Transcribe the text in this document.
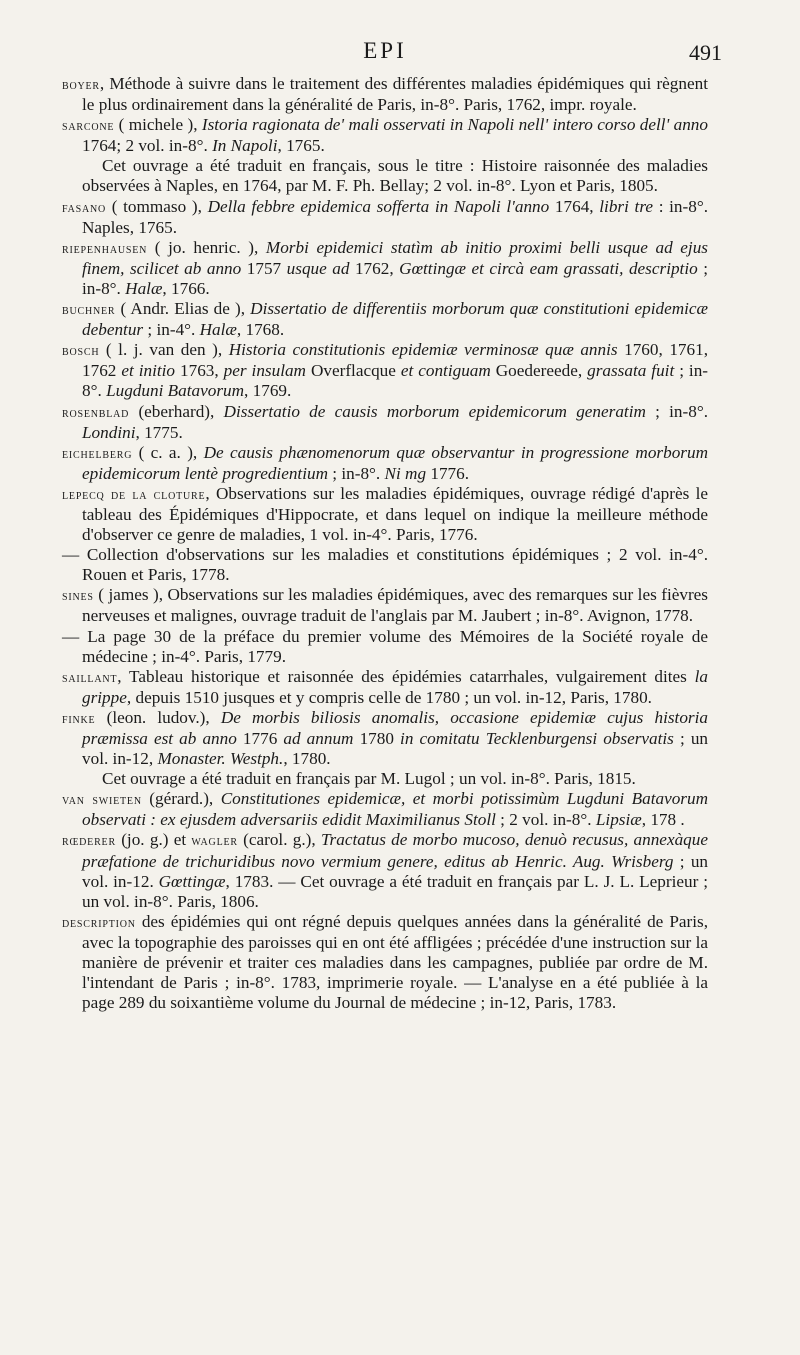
EPI	491

boyer, Méthode à suivre dans le traitement des différentes maladies épidémiques qui règnent le plus ordinairement dans la généralité de Paris, in-8°. Paris, 1762, impr. royale.

sarcone ( michele ), Istoria ragionata de' mali osservati in Napoli nell' intero corso dell' anno 1764; 2 vol. in-8°. In Napoli, 1765.

Cet ouvrage a été traduit en français, sous le titre : Histoire raisonnée des maladies observées à Naples, en 1764, par M. F. Ph. Bellay; 2 vol. in-8°. Lyon et Paris, 1805.

fasano ( tommaso ), Della febbre epidemica sofferta in Napoli l'anno 1764, libri tre : in-8°. Naples, 1765.

riepenhausen ( jo. henric. ), Morbi epidemici statìm ab initio proximi belli usque ad ejus finem, scilicet ab anno 1757 usque ad 1762, Gœttingæ et circà eam grassati, descriptio ; in-8°. Halæ, 1766.

buchner ( Andr. Elias de ), Dissertatio de differentiis morborum quæ constitutioni epidemicæ debentur ; in-4°. Halæ, 1768.

bosch ( l. j. van den ), Historia constitutionis epidemiæ verminosæ quæ annis 1760, 1761, 1762 et initio 1763, per insulam Overflacque et contiguam Goedereede, grassata fuit ; in-8°. Lugduni Batavorum, 1769.

rosenblad (eberhard), Dissertatio de causis morborum epidemicorum generatim ; in-8°. Londini, 1775.

eichelberg ( c. a. ), De causis phænomenorum quæ observantur in progressione morborum epidemicorum lentè progredientium ; in-8°. Ni mg 1776.

lepecq de la cloture, Observations sur les maladies épidémiques, ouvrage rédigé d'après le tableau des Épidémiques d'Hippocrate, et dans lequel on indique la meilleure méthode d'observer ce genre de maladies, 1 vol. in-4°. Paris, 1776.

— Collection d'observations sur les maladies et constitutions épidémiques ; 2 vol. in-4°. Rouen et Paris, 1778.

sines ( james ), Observations sur les maladies épidémiques, avec des remarques sur les fièvres nerveuses et malignes, ouvrage traduit de l'anglais par M. Jaubert ; in-8°. Avignon, 1778.

— La page 30 de la préface du premier volume des Mémoires de la Société royale de médecine ; in-4°. Paris, 1779.

saillant, Tableau historique et raisonnée des épidémies catarrhales, vulgairement dites la grippe, depuis 1510 jusques et y compris celle de 1780 ; un vol. in-12, Paris, 1780.

finke (leon. ludov.), De morbis biliosis anomalis, occasione epidemiæ cujus historia præmissa est ab anno 1776 ad annum 1780 in comitatu Tecklenburgensi observatis ; un vol. in-12, Monaster. Westph., 1780.

Cet ouvrage a été traduit en français par M. Lugol ; un vol. in-8°. Paris, 1815.

van swieten (gérard.), Constitutiones epidemicæ, et morbi potissimùm Lugduni Batavorum observati : ex ejusdem adversariis edidit Maximilianus Stoll ; 2 vol. in-8°. Lipsiæ, 178 .

rœderer (jo. g.) et wagler (carol. g.), Tractatus de morbo mucoso, denuò recusus, annexàque præfatione de trichuridibus novo vermium genere, editus ab Henric. Aug. Wrisberg ; un vol. in-12. Gœttingæ, 1783. — Cet ouvrage a été traduit en français par L. J. L. Leprieur ; un vol. in-8°. Paris, 1806.

description des épidémies qui ont régné depuis quelques années dans la généralité de Paris, avec la topographie des paroisses qui en ont été affligées ; précédée d'une instruction sur la manière de prévenir et traiter ces maladies dans les campagnes, publiée par ordre de M. l'intendant de Paris ; in-8°. 1783, imprimerie royale. — L'analyse en a été publiée à la page 289 du soixantième volume du Journal de médecine ; in-12, Paris, 1783.
